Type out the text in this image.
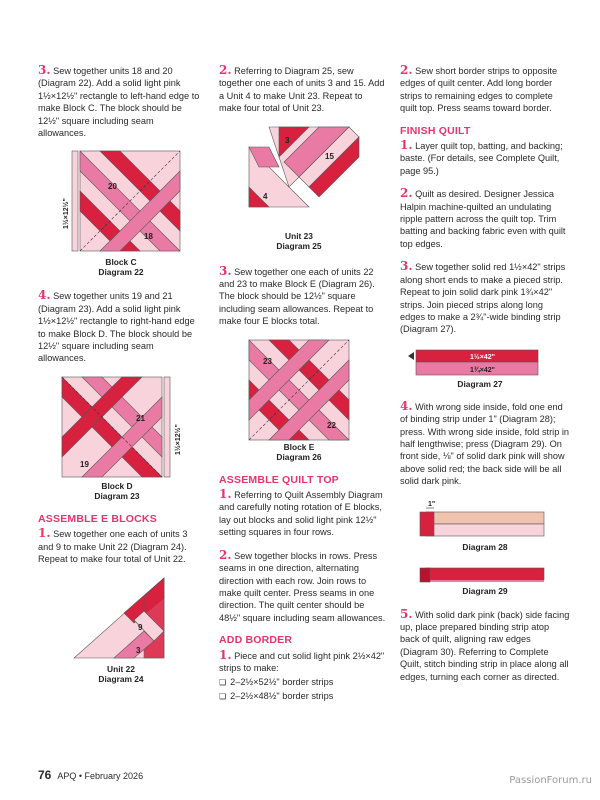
3. Sew together units 18 and 20 (Diagram 22). Add a solid light pink 1½×12½" rectangle to left-hand edge to make Block C. The block should be 12½" square including seam allowances.

20
18
1½×12½"
Block C
Diagram 22

4. Sew together units 19 and 21 (Diagram 23). Add a solid light pink 1½×12½" rectangle to right-hand edge to make Block D. The block should be 12½" square including seam allowances.

21
19
1½×12½"
Block D
Diagram 23
ASSEMBLE E BLOCKS

1. Sew together one each of units 3 and 9 to make Unit 22 (Diagram 24). Repeat to make four total of Unit 22.

9
3
Unit 22
Diagram 24

2. Referring to Diagram 25, sew together one each of units 3 and 15. Add a Unit 4 to make Unit 23. Repeat to make four total of Unit 23.

3
15
4
Unit 23
Diagram 25

3. Sew together one each of units 22 and 23 to make Block E (Diagram 26). The block should be 12½" square including seam allowances. Repeat to make four E blocks total.

23
22
Block E
Diagram 26
ASSEMBLE QUILT TOP

1. Referring to Quilt Assembly Diagram and carefully noting rotation of E blocks, lay out blocks and solid light pink 12½" setting squares in four rows.

2. Sew together blocks in rows. Press seams in one direction, alternating direction with each row. Join rows to make quilt center. Press seams in one direction. The quilt center should be 48½" square including seam allowances.

ADD BORDER

1. Piece and cut solid light pink 2½×42" strips to make:

❏ 2–2½×52½" border strips
❏ 2–2½×48½" border strips

2. Sew short border strips to opposite edges of quilt center. Add long border strips to remaining edges to complete quilt top. Press seams toward border.

FINISH QUILT

1. Layer quilt top, batting, and backing; baste. (For details, see Complete Quilt, page 95.)

2. Quilt as desired. Designer Jessica Halpin machine-quilted an undulating ripple pattern across the quilt top. Trim batting and backing fabric even with quilt top edges.

3. Sew together solid red 1½×42" strips along short ends to make a pieced strip. Repeat to join solid dark pink 1¾×42" strips. Join pieced strips along long edges to make a 2¾"-wide binding strip (Diagram 27).

1½×42"
1¾×42"
Diagram 27

4. With wrong side inside, fold one end of binding strip under 1" (Diagram 28); press. With wrong side inside, fold strip in half lengthwise; press (Diagram 29). On front side, ⅛" of solid dark pink will show above solid red; the back side will be all solid dark pink.

1"
Diagram 28
Diagram 29

5. With solid dark pink (back) side facing up, place prepared binding strip atop back of quilt, aligning raw edges (Diagram 30). Referring to Complete Quilt, stitch binding strip in place along all edges, turning each corner as directed.

76 APQ • February 2026	PassionForum.ru
